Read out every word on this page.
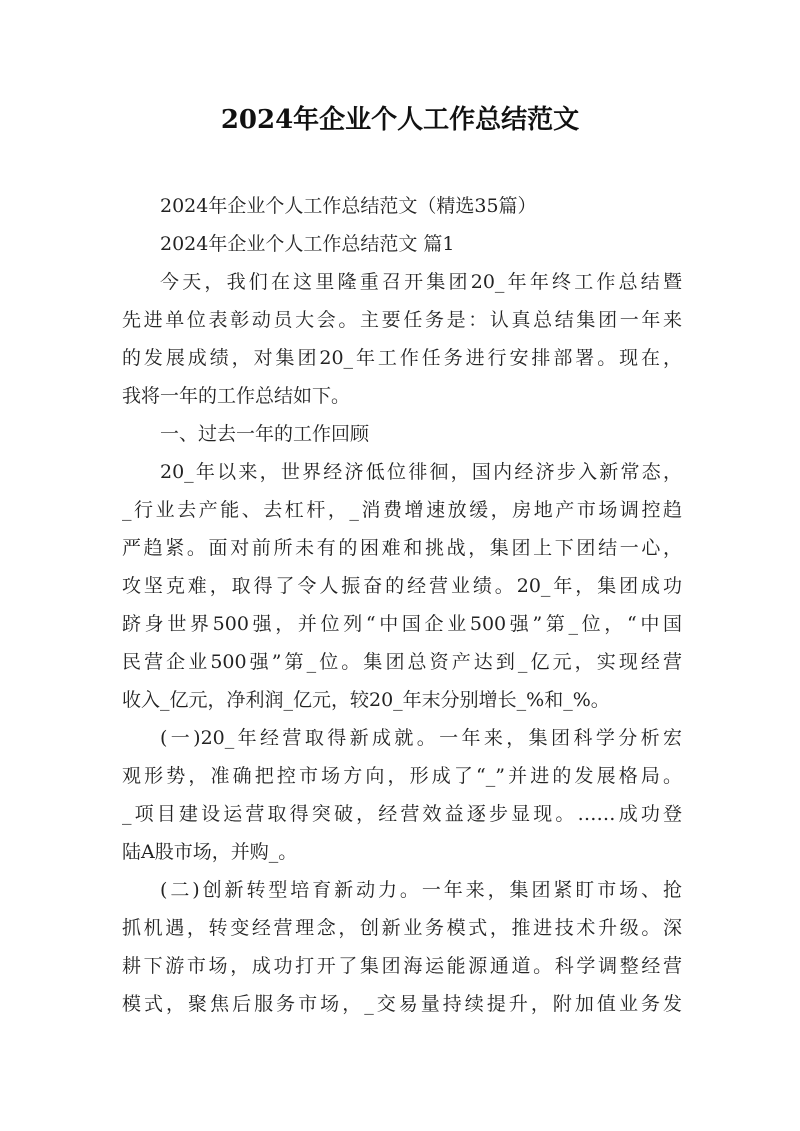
2024年企业个人工作总结范文
2024年企业个人工作总结范文（精选35篇）
2024年企业个人工作总结范文 篇1
今天，我们在这里隆重召开集团20_年年终工作总结暨
先进单位表彰动员大会。主要任务是：认真总结集团一年来
的发展成绩，对集团20_年工作任务进行安排部署。现在，
我将一年的工作总结如下。
一、过去一年的工作回顾
20_年以来，世界经济低位徘徊，国内经济步入新常态，
_行业去产能、去杠杆，_消费增速放缓，房地产市场调控趋
严趋紧。面对前所未有的困难和挑战，集团上下团结一心，
攻坚克难，取得了令人振奋的经营业绩。20_年，集团成功
跻身世界500强，并位列“中国企业500强”第_位，“中国
民营企业500强”第_位。集团总资产达到_亿元，实现经营
收入_亿元，净利润_亿元，较20_年末分别增长_%和_%。
(一)20_年经营取得新成就。一年来，集团科学分析宏
观形势，准确把控市场方向，形成了“_”并进的发展格局。
_项目建设运营取得突破，经营效益逐步显现。……成功登
陆A股市场，并购_。
(二)创新转型培育新动力。一年来，集团紧盯市场、抢
抓机遇，转变经营理念，创新业务模式，推进技术升级。深
耕下游市场，成功打开了集团海运能源通道。科学调整经营
模式，聚焦后服务市场，_交易量持续提升，附加值业务发
